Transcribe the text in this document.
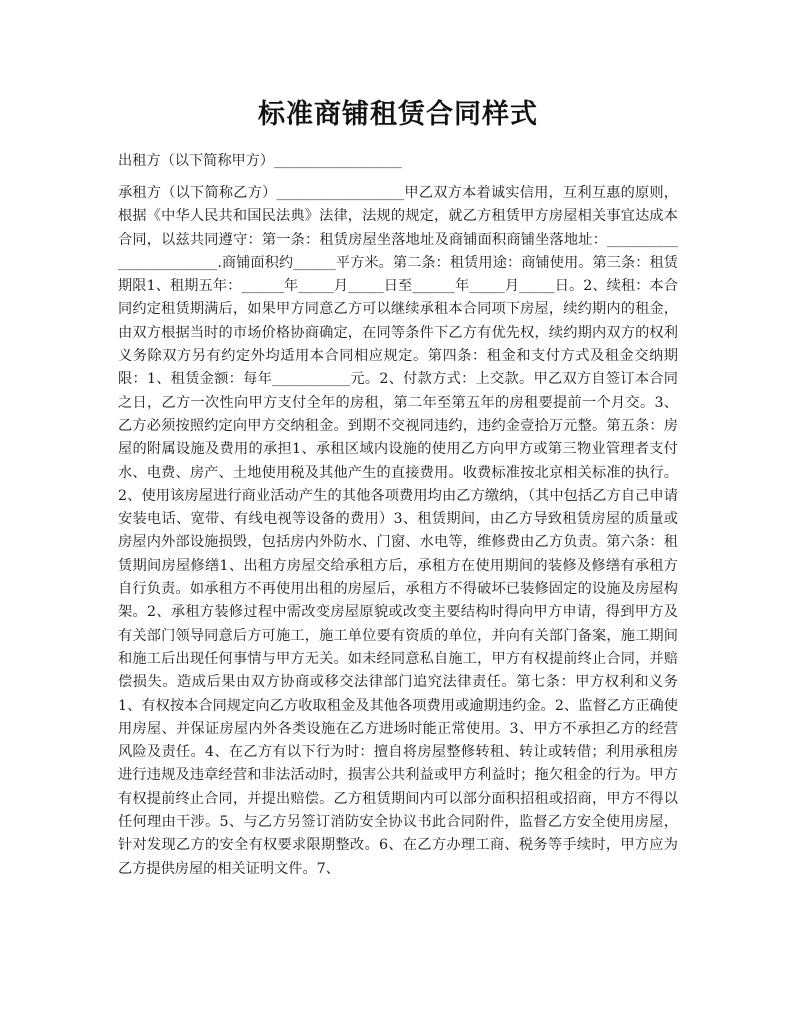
标准商铺租赁合同样式
出租方（以下简称甲方）__________________
承租方（以下简称乙方）__________________甲乙双方本着诚实信用，互利互惠的原则，根据《中华人民共和国民法典》法律，法规的规定，就乙方租赁甲方房屋相关事宜达成本合同，以兹共同遵守：第一条：租赁房屋坐落地址及商铺面积商铺坐落地址：________________________.商铺面积约______平方米。第二条：租赁用途：商铺使用。第三条：租赁期限1、租期五年：______年_____月_____日至______年_____月_____日。2、续租：本合同约定租赁期满后，如果甲方同意乙方可以继续承租本合同项下房屋，续约期内的租金，由双方根据当时的市场价格协商确定，在同等条件下乙方有优先权，续约期内双方的权利义务除双方另有约定外均适用本合同相应规定。第四条：租金和支付方式及租金交纳期限：1、租赁金额：每年___________元。2、付款方式：上交款。甲乙双方自签订本合同之日，乙方一次性向甲方支付全年的房租，第二年至第五年的房租要提前一个月交。3、乙方必须按照约定向甲方交纳租金。到期不交视同违约，违约金壹拾万元整。第五条：房屋的附属设施及费用的承担1、承租区域内设施的使用乙方向甲方或第三物业管理者支付水、电费、房产、土地使用税及其他产生的直接费用。收费标准按北京相关标准的执行。2、使用该房屋进行商业活动产生的其他各项费用均由乙方缴纳，（其中包括乙方自己申请安装电话、宽带、有线电视等设备的费用）3、租赁期间，由乙方导致租赁房屋的质量或房屋内外部设施损毁，包括房内外防水、门窗、水电等，维修费由乙方负责。第六条：租赁期间房屋修缮1、出租方房屋交给承租方后，承租方在使用期间的装修及修缮有承租方自行负责。如承租方不再使用出租的房屋后，承租方不得破坏已装修固定的设施及房屋构架。2、承租方装修过程中需改变房屋原貌或改变主要结构时得向甲方申请，得到甲方及有关部门领导同意后方可施工，施工单位要有资质的单位，并向有关部门备案，施工期间和施工后出现任何事情与甲方无关。如未经同意私自施工，甲方有权提前终止合同，并赔偿损失。造成后果由双方协商或移交法律部门追究法律责任。第七条：甲方权利和义务1、有权按本合同规定向乙方收取租金及其他各项费用或逾期违约金。2、监督乙方正确使用房屋、并保证房屋内外各类设施在乙方进场时能正常使用。3、甲方不承担乙方的经营风险及责任。4、在乙方有以下行为时：擅自将房屋整修转租、转让或转借；利用承租房进行违规及违章经营和非法活动时，损害公共利益或甲方利益时；拖欠租金的行为。甲方有权提前终止合同，并提出赔偿。乙方租赁期间内可以部分面积招租或招商，甲方不得以任何理由干涉。5、与乙方另签订消防安全协议书此合同附件，监督乙方安全使用房屋，针对发现乙方的安全有权要求限期整改。6、在乙方办理工商、税务等手续时，甲方应为乙方提供房屋的相关证明文件。7、
